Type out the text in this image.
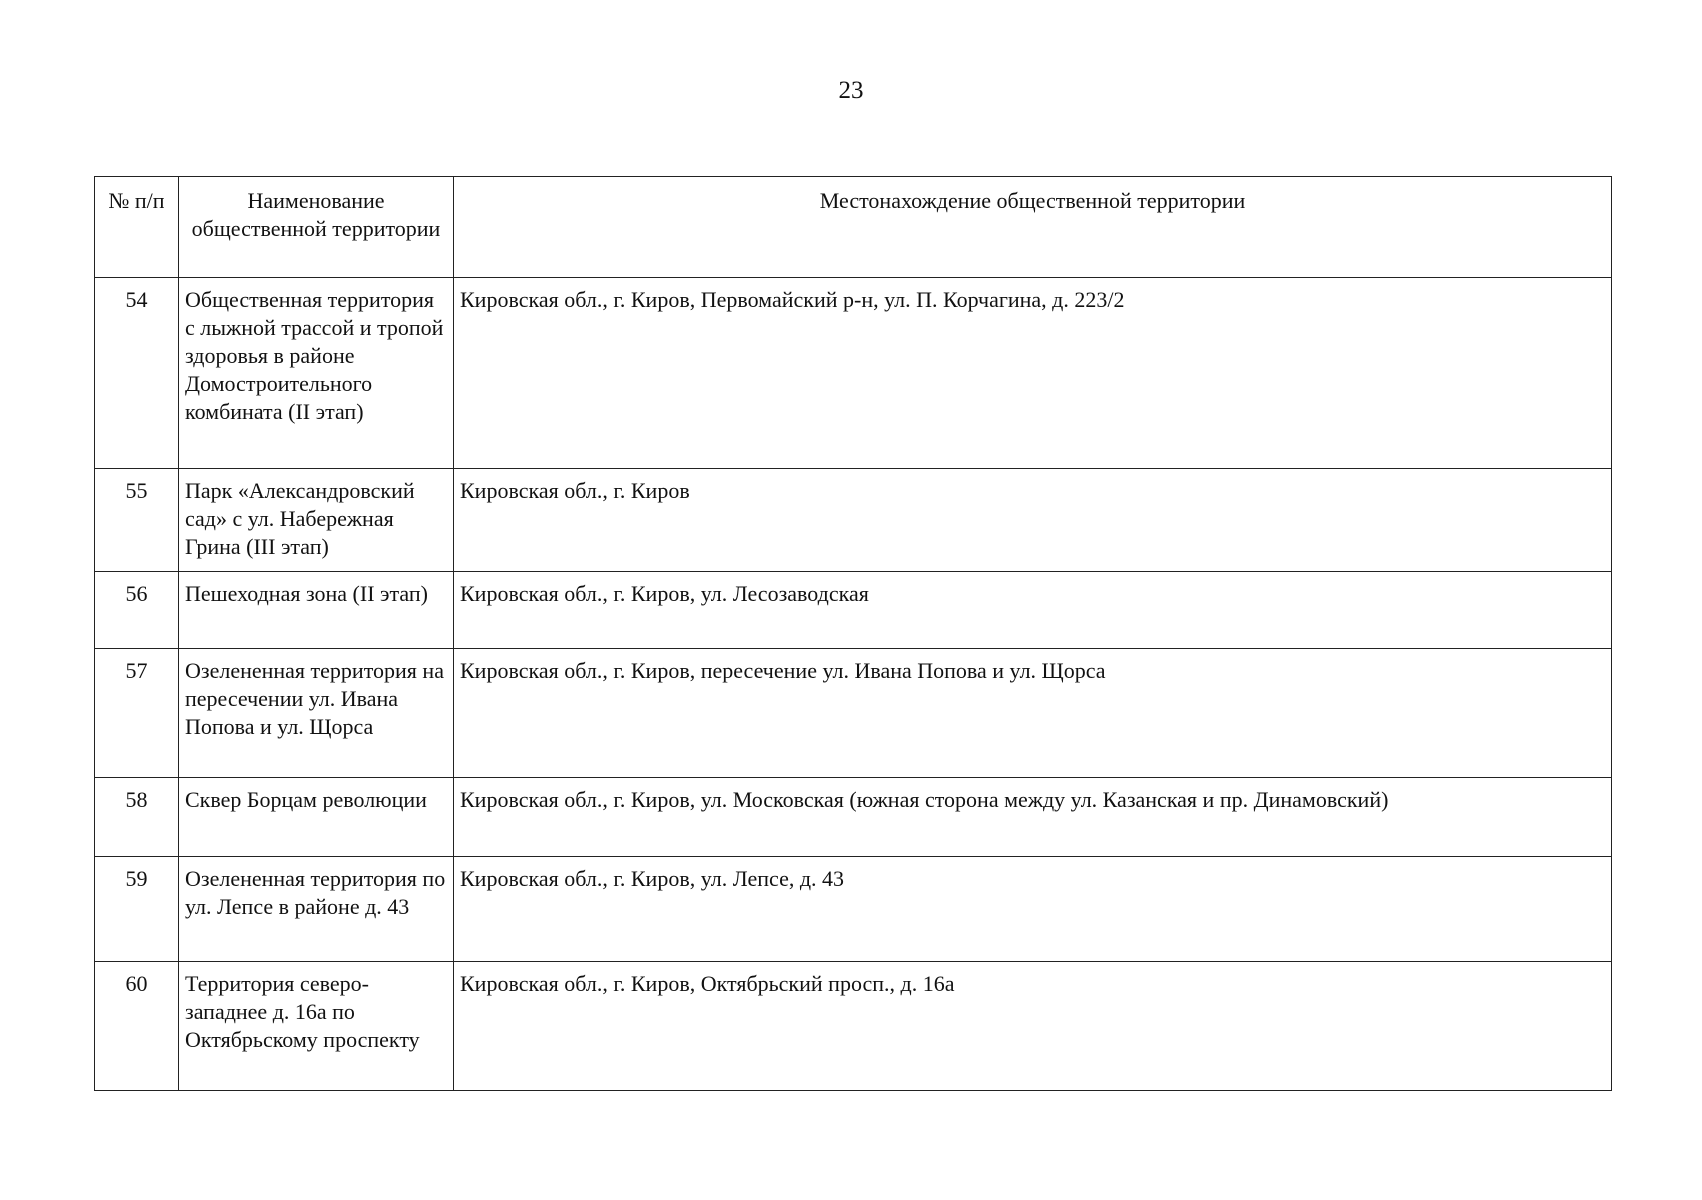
23
№ п/п	Наименование общественной территории	Местонахождение общественной территории
54	Общественная территория с лыжной трассой и тропой здоровья в районе Домостроительного комбината (II этап)	Кировская обл., г. Киров, Первомайский р-н, ул. П. Корчагина, д. 223/2
55	Парк «Александровский сад» с ул. Набережная Грина (III этап)	Кировская обл., г. Киров
56	Пешеходная зона (II этап)	Кировская обл., г. Киров, ул. Лесозаводская
57	Озелененная территория на пересечении ул. Ивана Попова и ул. Щорса	Кировская обл., г. Киров, пересечение ул. Ивана Попова и ул. Щорса
58	Сквер Борцам революции	Кировская обл., г. Киров, ул. Московская (южная сторона между ул. Казанская и пр. Динамовский)
59	Озелененная территория по ул. Лепсе в районе д. 43	Кировская обл., г. Киров, ул. Лепсе, д. 43
60	Территория северо-западнее д. 16а по Октябрьскому проспекту	Кировская обл., г. Киров, Октябрьский просп., д. 16а
